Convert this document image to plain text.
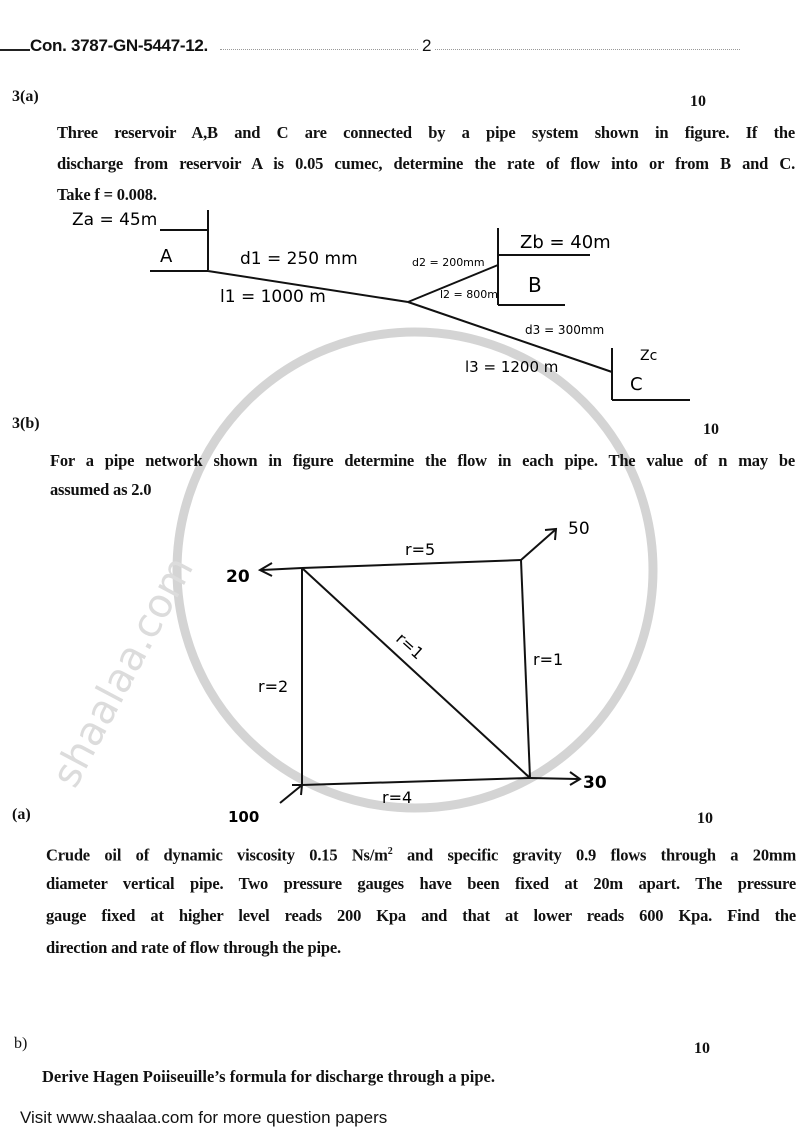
shaalaa.com
Con. 3787-GN-5447-12.	2
3(a)	10
Three reservoir A,B and C are connected by a pipe system shown in figure. If the
discharge from reservoir A is 0.05 cumec, determine the rate of flow into or from B and C.
Take f = 0.008.
Za = 45m
A
Zb = 40m
B
Zc
C
d1 = 250 mm
l1 = 1000 m
d2 = 200mm
l2 = 800m
d3 = 300mm
l3 = 1200 m
3(b)	10
For a pipe network shown in figure determine the flow in each pipe. The value of n may be
assumed as 2.0
20
50
30
100
r=5
r=1
r=2
r=1
r=4
(a)	10
Crude oil of dynamic viscosity 0.15 $Ns/m^2$ and specific gravity 0.9 flows through a 20mm
diameter vertical pipe. Two pressure gauges have been fixed at 20m apart. The pressure
gauge fixed at higher level reads 200 Kpa and that at lower reads 600 Kpa. Find the
direction and rate of flow through the pipe.
b)	10
Derive Hagen Poiiseuille’s formula for discharge through a pipe.
Visit www.shaalaa.com for more question papers
